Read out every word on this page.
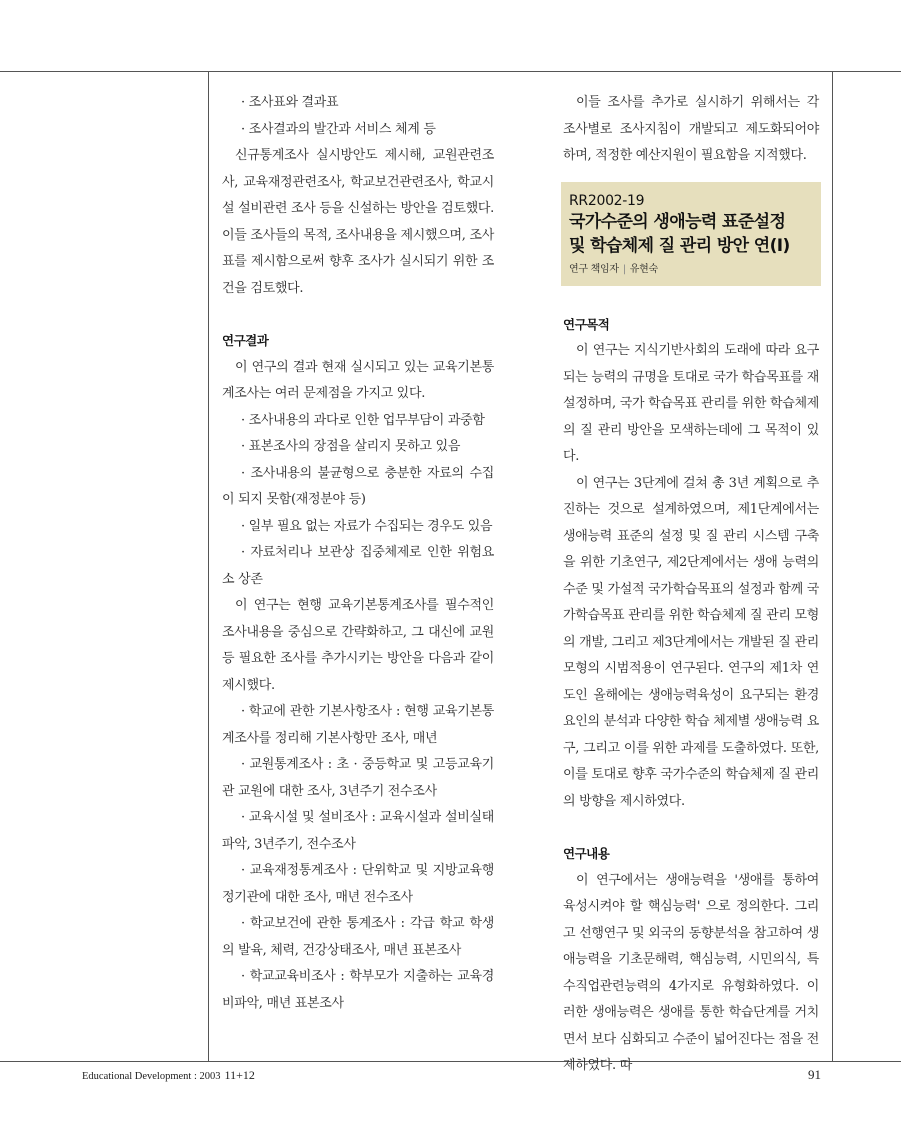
· 조사표와 결과표

· 조사결과의 발간과 서비스 체계 등

신규통계조사 실시방안도 제시해, 교원관련조사, 교육재정관련조사, 학교보건관련조사, 학교시설 설비관련 조사 등을 신설하는 방안을 검토했다. 이들 조사들의 목적, 조사내용을 제시했으며, 조사표를 제시함으로써 향후 조사가 실시되기 위한 조건을 검토했다.

연구결과

이 연구의 결과 현재 실시되고 있는 교육기본통계조사는 여러 문제점을 가지고 있다.

· 조사내용의 과다로 인한 업무부담이 과중함

· 표본조사의 장점을 살리지 못하고 있음

· 조사내용의 불균형으로 충분한 자료의 수집이 되지 못함(재정분야 등)

· 일부 필요 없는 자료가 수집되는 경우도 있음

· 자료처리나 보관상 집중체제로 인한 위험요소 상존

이 연구는 현행 교육기본통계조사를 필수적인 조사내용을 중심으로 간략화하고, 그 대신에 교원 등 필요한 조사를 추가시키는 방안을 다음과 같이 제시했다.

· 학교에 관한 기본사항조사 : 현행 교육기본통계조사를 정리해 기본사항만 조사, 매년

· 교원통계조사 : 초 · 중등학교 및 고등교육기관 교원에 대한 조사, 3년주기 전수조사

· 교육시설 및 설비조사 : 교육시설과 설비실태 파악, 3년주기, 전수조사

· 교육재정통계조사 : 단위학교 및 지방교육행정기관에 대한 조사, 매년 전수조사

· 학교보건에 관한 통계조사 : 각급 학교 학생의 발육, 체력, 건강상태조사, 매년 표본조사

· 학교교육비조사 : 학부모가 지출하는 교육경비파악, 매년 표본조사

이들 조사를 추가로 실시하기 위해서는 각 조사별로 조사지침이 개발되고 제도화되어야 하며, 적정한 예산지원이 필요함을 지적했다.

RR2002-19
국가수준의 생애능력 표준설정
및 학습체제 질 관리 방안 연(Ⅰ)
연구 책임자 | 유현숙

연구목적

이 연구는 지식기반사회의 도래에 따라 요구되는 능력의 규명을 토대로 국가 학습목표를 재설정하며, 국가 학습목표 관리를 위한 학습체제의 질 관리 방안을 모색하는데에 그 목적이 있다.

이 연구는 3단계에 걸쳐 총 3년 계획으로 추진하는 것으로 설계하였으며, 제1단계에서는 생애능력 표준의 설정 및 질 관리 시스템 구축을 위한 기초연구, 제2단계에서는 생애 능력의 수준 및 가설적 국가학습목표의 설정과 함께 국가학습목표 관리를 위한 학습체제 질 관리 모형의 개발, 그리고 제3단계에서는 개발된 질 관리 모형의 시범적용이 연구된다. 연구의 제1차 연도인 올해에는 생애능력육성이 요구되는 환경 요인의 분석과 다양한 학습 체제별 생애능력 요구, 그리고 이를 위한 과제를 도출하였다. 또한, 이를 토대로 향후 국가수준의 학습체제 질 관리의 방향을 제시하였다.

연구내용

이 연구에서는 생애능력을 '생애를 통하여 육성시켜야 할 핵심능력' 으로 정의한다. 그리고 선행연구 및 외국의 동향분석을 참고하여 생애능력을 기초문해력, 핵심능력, 시민의식, 특수직업관련능력의 4가지로 유형화하였다. 이러한 생애능력은 생애를 통한 학습단계를 거치면서 보다 심화되고 수준이 넓어진다는 점을 전제하였다. 따

Educational Development : 2003 11+12	91
